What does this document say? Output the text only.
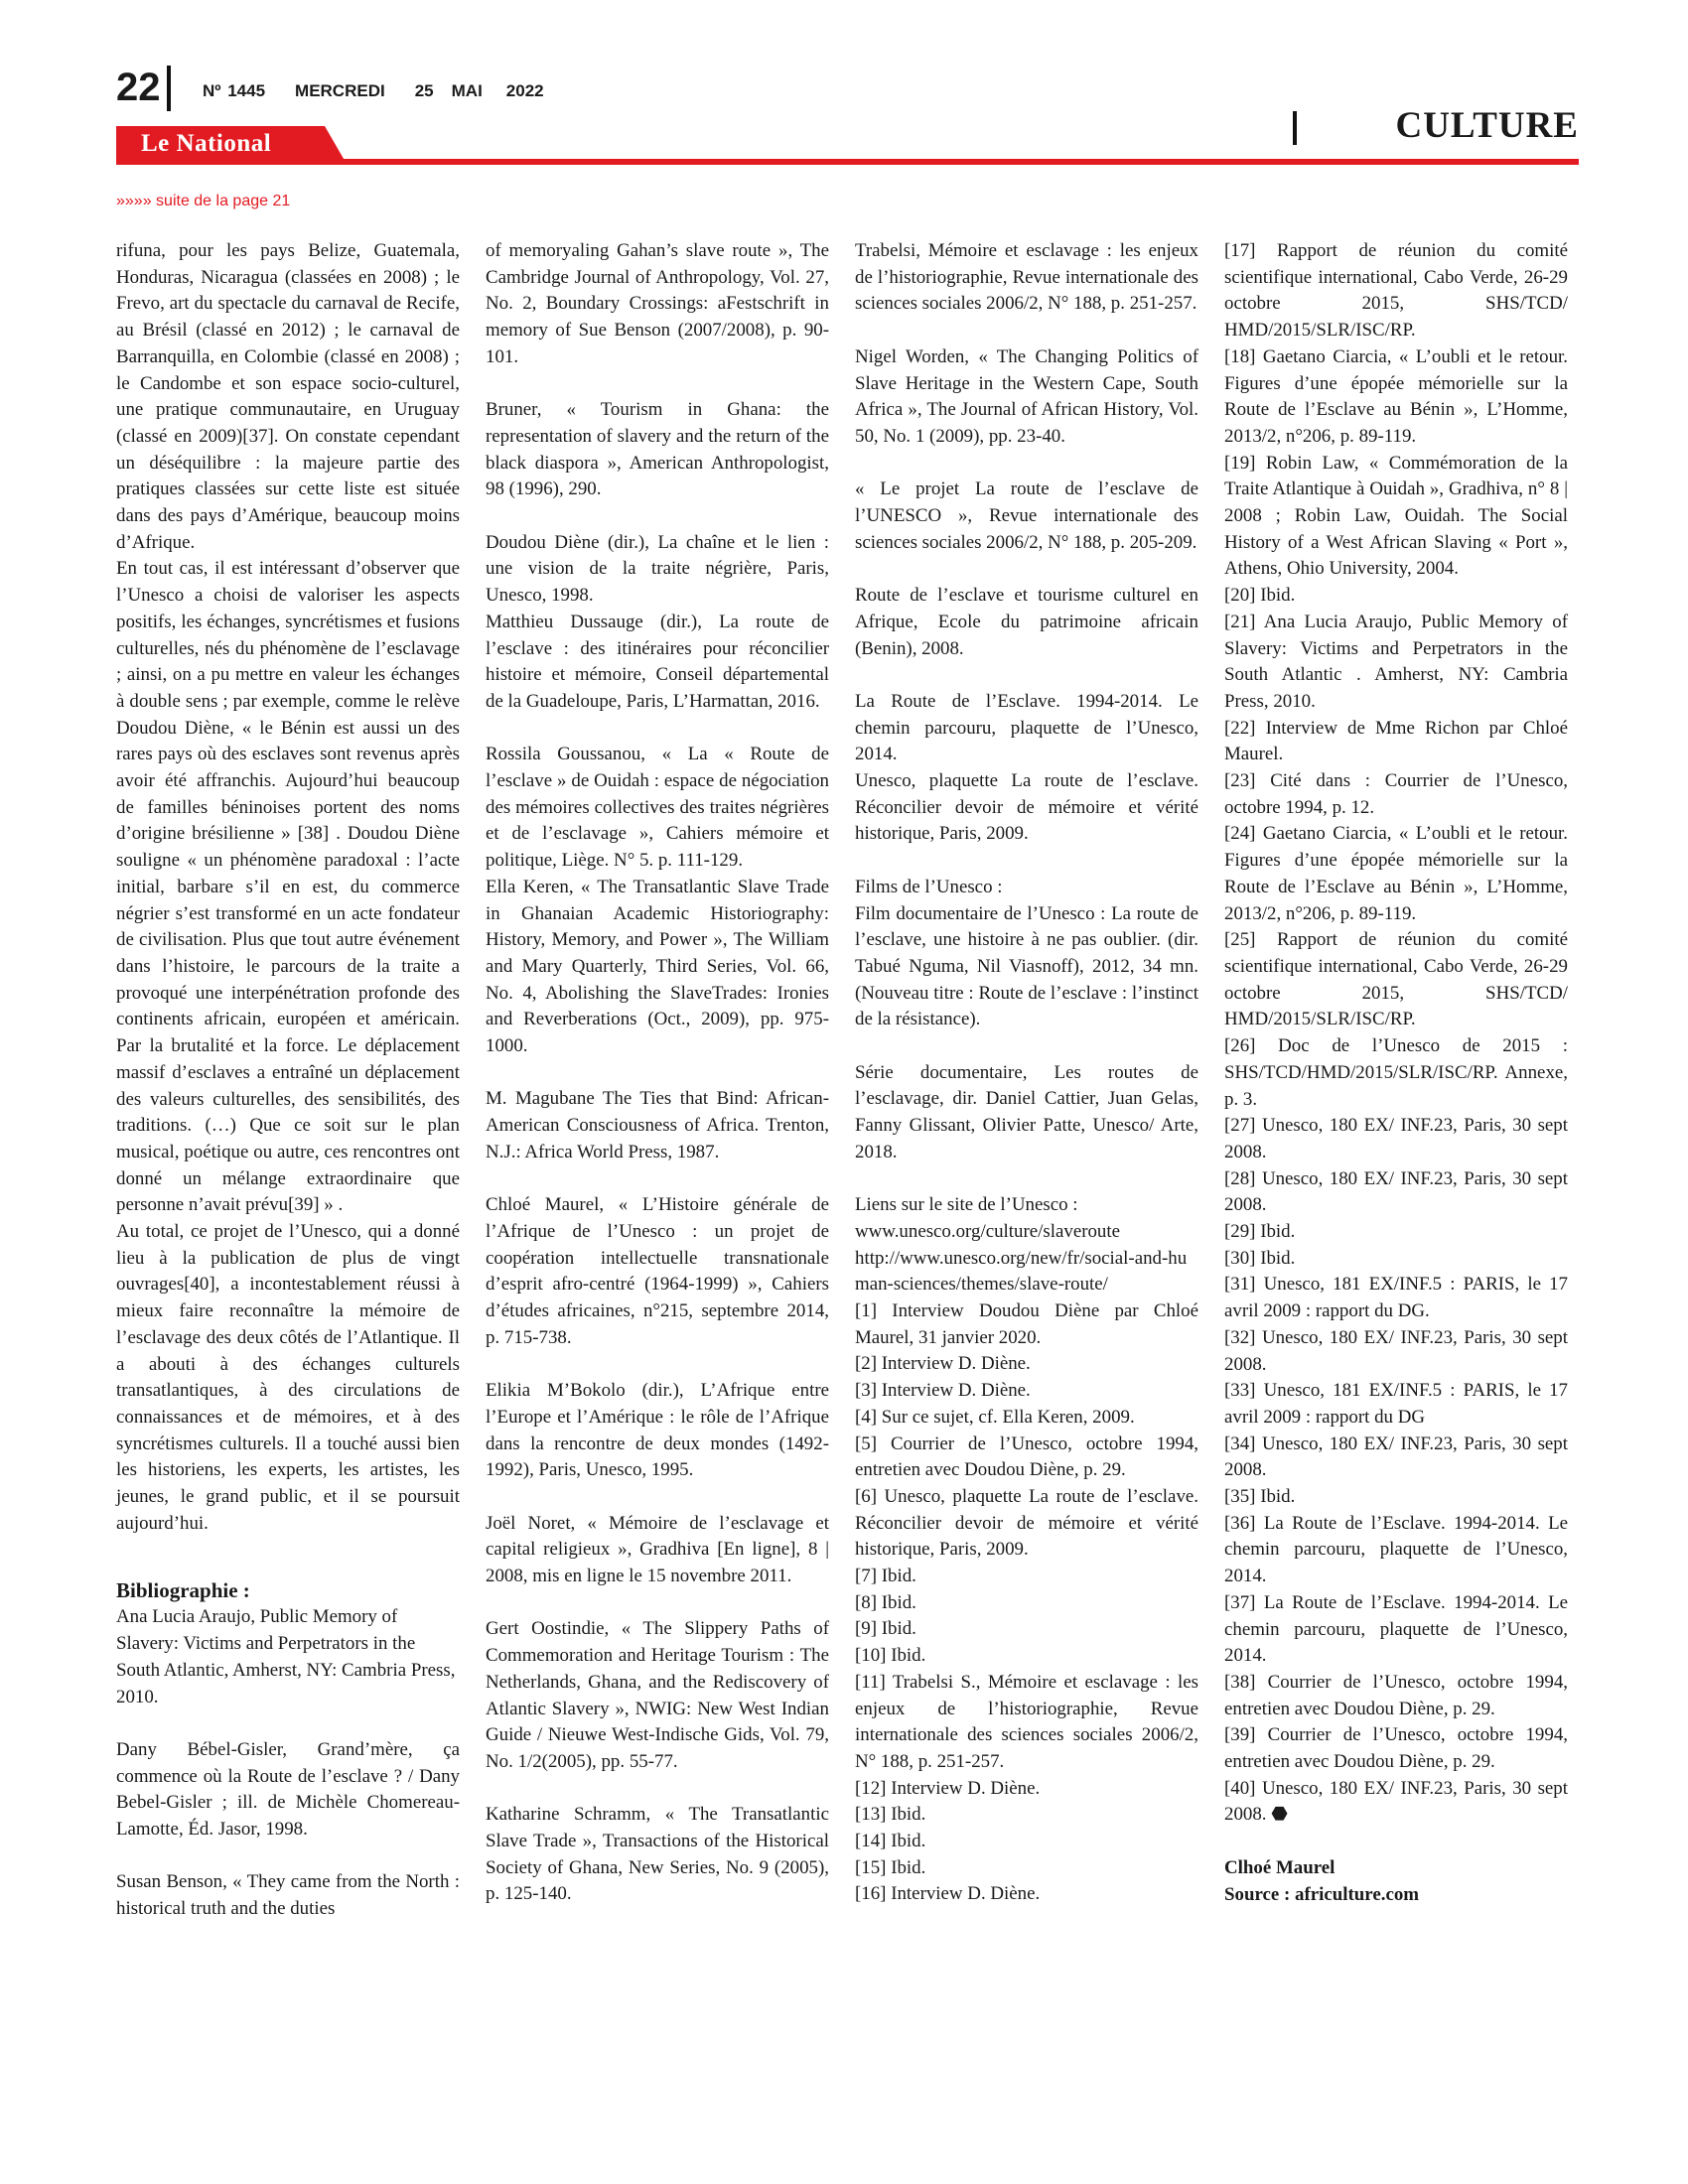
22	Nº 1445 MERCREDI 25 MAI 2022
Le National	CULTURE
»»»» suite de la page 21

rifuna, pour les pays Belize, Guatemala, Honduras, Nicaragua (classées en 2008) ; le Frevo, art du spectacle du carnaval de Recife, au Brésil (classé en 2012) ; le carnaval de Barranquilla, en Colombie (classé en 2008) ; le Candombe et son espace socio-culturel, une pratique communautaire, en Uruguay (classé en 2009)[37]. On constate cependant un déséquilibre : la majeure partie des pratiques classées sur cette liste est située dans des pays d’Amérique, beaucoup moins d’Afrique.

En tout cas, il est intéressant d’observer que l’Unesco a choisi de valoriser les aspects positifs, les échanges, syncrétismes et fusions culturelles, nés du phénomène de l’esclavage ; ainsi, on a pu mettre en valeur les échanges à double sens ; par exemple, comme le relève Doudou Diène, « le Bénin est aussi un des rares pays où des esclaves sont revenus après avoir été affranchis. Aujourd’hui beaucoup de familles béninoises portent des noms d’origine brésilienne » [38] . Doudou Diène souligne « un phénomène paradoxal : l’acte initial, barbare s’il en est, du commerce négrier s’est transformé en un acte fondateur de civilisation. Plus que tout autre événement dans l’histoire, le parcours de la traite a provoqué une interpénétration profonde des continents africain, européen et américain. Par la brutalité et la force. Le déplacement massif d’esclaves a entraîné un déplacement des valeurs culturelles, des sensibilités, des traditions. (…) Que ce soit sur le plan musical, poétique ou autre, ces rencontres ont donné un mélange extraordinaire que personne n’avait prévu[39] » .

Au total, ce projet de l’Unesco, qui a donné lieu à la publication de plus de vingt ouvrages[40], a incontestablement réussi à mieux faire reconnaître la mémoire de l’esclavage des deux côtés de l’Atlantique. Il a abouti à des échanges culturels transatlantiques, à des circulations de connaissances et de mémoires, et à des syncrétismes culturels. Il a touché aussi bien les historiens, les experts, les artistes, les jeunes, le grand public, et il se poursuit aujourd’hui.

Bibliographie :

Ana Lucia Araujo, Public Memory of Slavery: Victims and Perpetrators in the South Atlantic, Amherst, NY: Cambria Press, 2010.

Dany Bébel-Gisler, Grand’mère, ça commence où la Route de l’esclave ? / Dany Bebel-Gisler ; ill. de Michèle Chomereau-Lamotte, Éd. Jasor, 1998.

Susan Benson, « They came from the North : historical truth and the duties

of memoryaling Gahan’s slave route », The Cambridge Journal of Anthropology, Vol. 27, No. 2, Boundary Crossings: aFestschrift in memory of Sue Benson (2007/2008), p. 90-101.

Bruner, « Tourism in Ghana: the representation of slavery and the return of the black diaspora », American Anthropologist, 98 (1996), 290.

Doudou Diène (dir.), La chaîne et le lien : une vision de la traite négrière, Paris, Unesco, 1998.

Matthieu Dussauge (dir.), La route de l’esclave : des itinéraires pour réconcilier histoire et mémoire, Conseil départemental de la Guadeloupe, Paris, L’Harmattan, 2016.

Rossila Goussanou, « La « Route de l’esclave » de Ouidah : espace de négociation des mémoires collectives des traites négrières et de l’esclavage », Cahiers mémoire et politique, Liège. N° 5. p. 111-129.

Ella Keren, « The Transatlantic Slave Trade in Ghanaian Academic Historiography: History, Memory, and Power », The William and Mary Quarterly, Third Series, Vol. 66, No. 4, Abolishing the SlaveTrades: Ironies and Reverberations (Oct., 2009), pp. 975-1000.

M. Magubane The Ties that Bind: African-American Consciousness of Africa. Trenton, N.J.: Africa World Press, 1987.

Chloé Maurel, « L’Histoire générale de l’Afrique de l’Unesco : un projet de coopération intellectuelle transnationale d’esprit afro-centré (1964-1999) », Cahiers d’études africaines, n°215, septembre 2014, p. 715-738.

Elikia M’Bokolo (dir.), L’Afrique entre l’Europe et l’Amérique : le rôle de l’Afrique dans la rencontre de deux mondes (1492-1992), Paris, Unesco, 1995.

Joël Noret, « Mémoire de l’esclavage et capital religieux », Gradhiva [En ligne], 8 | 2008, mis en ligne le 15 novembre 2011.

Gert Oostindie, « The Slippery Paths of Commemoration and Heritage Tourism : The Netherlands, Ghana, and the Rediscovery of Atlantic Slavery », NWIG: New West Indian Guide / Nieuwe West-Indische Gids, Vol. 79, No. 1/2(2005), pp. 55-77.

Katharine Schramm, « The Transatlantic Slave Trade », Transactions of the Historical Society of Ghana, New Series, No. 9 (2005), p. 125-140.

Trabelsi, Mémoire et esclavage : les enjeux de l’historiographie, Revue internationale des sciences sociales 2006/2, N° 188, p. 251-257.

Nigel Worden, « The Changing Politics of Slave Heritage in the Western Cape, South Africa », The Journal of African History, Vol. 50, No. 1 (2009), pp. 23-40.

« Le projet La route de l’esclave de l’UNESCO », Revue internationale des sciences sociales 2006/2, N° 188, p. 205-209.

Route de l’esclave et tourisme culturel en Afrique, Ecole du patrimoine africain (Benin), 2008.

La Route de l’Esclave. 1994-2014. Le chemin parcouru, plaquette de l’Unesco, 2014.

Unesco, plaquette La route de l’esclave. Réconcilier devoir de mémoire et vérité historique, Paris, 2009.

Films de l’Unesco :

Film documentaire de l’Unesco : La route de l’esclave, une histoire à ne pas oublier. (dir. Tabué Nguma, Nil Viasnoff), 2012, 34 mn. (Nouveau titre : Route de l’esclave : l’instinct de la résistance).

Série documentaire, Les routes de l’esclavage, dir. Daniel Cattier, Juan Gelas, Fanny Glissant, Olivier Patte, Unesco/ Arte, 2018.

Liens sur le site de l’Unesco :

www.unesco.org/culture/slaveroute

http://www.unesco.org/new/fr/social-and-human-sciences/themes/slave-route/

[1] Interview Doudou Diène par Chloé Maurel, 31 janvier 2020.

[2] Interview D. Diène.

[3] Interview D. Diène.

[4] Sur ce sujet, cf. Ella Keren, 2009.

[5] Courrier de l’Unesco, octobre 1994, entretien avec Doudou Diène, p. 29.

[6] Unesco, plaquette La route de l’esclave. Réconcilier devoir de mémoire et vérité historique, Paris, 2009.

[7] Ibid.

[8] Ibid.

[9] Ibid.

[10] Ibid.

[11] Trabelsi S., Mémoire et esclavage : les enjeux de l’historiographie, Revue internationale des sciences sociales 2006/2, N° 188, p. 251-257.

[12] Interview D. Diène.

[13] Ibid.

[14] Ibid.

[15] Ibid.

[16] Interview D. Diène.

[17] Rapport de réunion du comité scientifique international, Cabo Verde, 26-29 octobre 2015, SHS/TCD/ HMD/2015/SLR/ISC/RP.

[18] Gaetano Ciarcia, « L’oubli et le retour. Figures d’une épopée mémorielle sur la Route de l’Esclave au Bénin », L’Homme, 2013/2, n°206, p. 89-119.

[19] Robin Law, « Commémoration de la Traite Atlantique à Ouidah », Gradhiva, n° 8 | 2008 ; Robin Law, Ouidah. The Social History of a West African Slaving « Port », Athens, Ohio University, 2004.

[20] Ibid.

[21] Ana Lucia Araujo, Public Memory of Slavery: Victims and Perpetrators in the South Atlantic . Amherst, NY: Cambria Press, 2010.

[22] Interview de Mme Richon par Chloé Maurel.

[23] Cité dans : Courrier de l’Unesco, octobre 1994, p. 12.

[24] Gaetano Ciarcia, « L’oubli et le retour. Figures d’une épopée mémorielle sur la Route de l’Esclave au Bénin », L’Homme, 2013/2, n°206, p. 89-119.

[25] Rapport de réunion du comité scientifique international, Cabo Verde, 26-29 octobre 2015, SHS/TCD/ HMD/2015/SLR/ISC/RP.

[26] Doc de l’Unesco de 2015 : SHS/TCD/HMD/2015/SLR/ISC/RP. Annexe, p. 3.

[27] Unesco, 180 EX/ INF.23, Paris, 30 sept 2008.

[28] Unesco, 180 EX/ INF.23, Paris, 30 sept 2008.

[29] Ibid.

[30] Ibid.

[31] Unesco, 181 EX/INF.5 : PARIS, le 17 avril 2009 : rapport du DG.

[32] Unesco, 180 EX/ INF.23, Paris, 30 sept 2008.

[33] Unesco, 181 EX/INF.5 : PARIS, le 17 avril 2009 : rapport du DG

[34] Unesco, 180 EX/ INF.23, Paris, 30 sept 2008.

[35] Ibid.

[36] La Route de l’Esclave. 1994-2014. Le chemin parcouru, plaquette de l’Unesco, 2014.

[37] La Route de l’Esclave. 1994-2014. Le chemin parcouru, plaquette de l’Unesco, 2014.

[38] Courrier de l’Unesco, octobre 1994, entretien avec Doudou Diène, p. 29.

[39] Courrier de l’Unesco, octobre 1994, entretien avec Doudou Diène, p. 29.

[40] Unesco, 180 EX/ INF.23, Paris, 30 sept 2008. ⬣

Clhoé Maurel

Source : africulture.com
